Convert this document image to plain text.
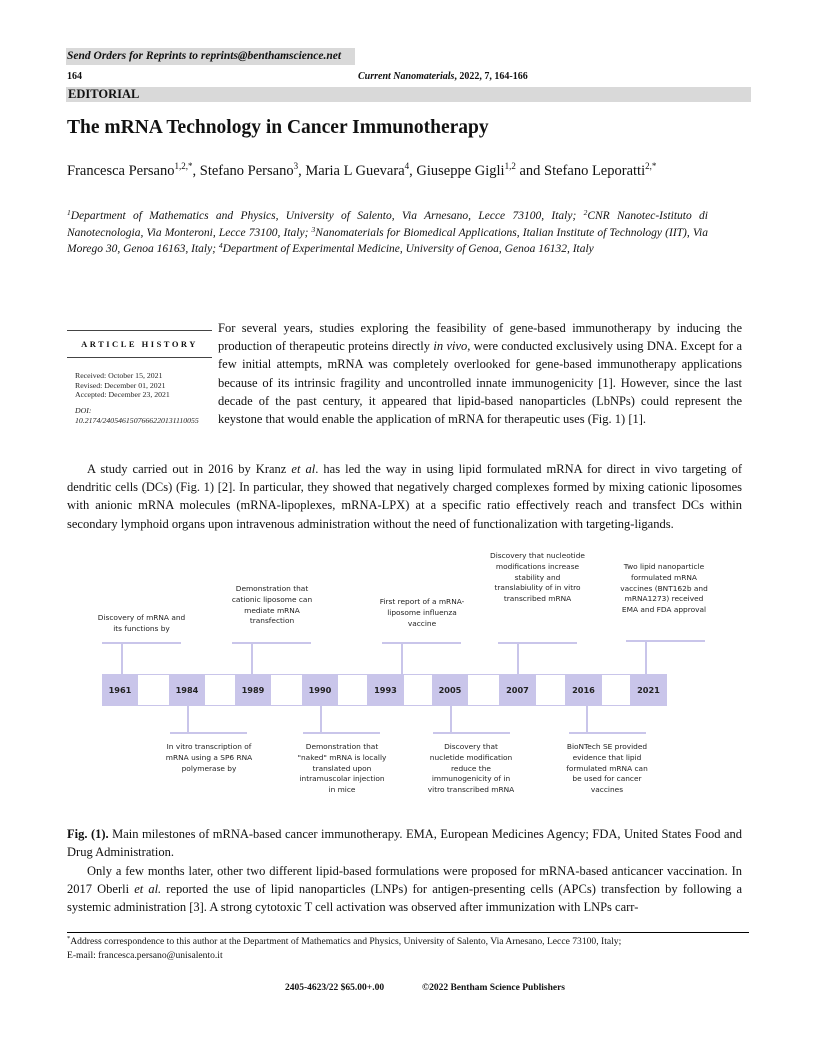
Send Orders for Reprints to reprints@benthamscience.net
164	Current Nanomaterials, 2022, 7, 164-166
EDITORIAL
The mRNA Technology in Cancer Immunotherapy
Francesca Persano$^{1,2,*}$, Stefano Persano$^3$, Maria L Guevara$^4$, Giuseppe Gigli$^{1,2}$ and Stefano Leporatti$^{2,*}$
$^1$Department of Mathematics and Physics, University of Salento, Via Arnesano, Lecce 73100, Italy; $^2$CNR Nanotec-Istituto di Nanotecnologia, Via Monteroni, Lecce 73100, Italy; $^3$Nanomaterials for Biomedical Applications, Italian Institute of Technology (IIT), Via Morego 30, Genoa 16163, Italy; $^4$Department of Experimental Medicine, University of Genoa, Genoa 16132, Italy
ARTICLE HISTORY
Received: October 15, 2021
Revised: December 01, 2021
Accepted: December 23, 2021
DOI:
10.2174/2405461507666220131110055
For several years, studies exploring the feasibility of gene-based immunotherapy by inducing the production of therapeutic proteins directly in vivo, were conducted exclusively using DNA. Except for a few initial attempts, mRNA was completely overlooked for gene-based immunotherapy applications because of its intrinsic fragility and uncontrolled innate immunogenicity [1]. However, since the last decade of the past century, it appeared that lipid-based nanoparticles (LbNPs) could represent the keystone that would enable the application of mRNA for therapeutic uses (Fig. 1) [1].
A study carried out in 2016 by Kranz et al. has led the way in using lipid formulated mRNA for direct in vivo targeting of dendritic cells (DCs) (Fig. 1) [2]. In particular, they showed that negatively charged complexes formed by mixing cationic liposomes with anionic mRNA molecules (mRNA-lipoplexes, mRNA-LPX) at a specific ratio effectively reach and transfect DCs within secondary lymphoid organs upon intravenous administration without the need of functionalization with targeting-ligands.
1961	1984	1989	1990	1993	2005	2007	2016	2021
Discovery of mRNA and its functions by
Demonstration that cationic liposome can mediate mRNA transfection
First report of a mRNA-liposome influenza vaccine
Discovery that nucleotide modifications increase stability and translabiulity of in vitro transcribed mRNA
Two lipid nanoparticle formulated mRNA vaccines (BNT162b and mRNA1273) received EMA and FDA approval
In vitro transcription of mRNA using a SP6 RNA polymerase by
Demonstration that "naked" mRNA is locally translated upon intramuscolar injection in mice
Discovery that nucletide modification reduce the immunogenicity of in vitro transcribed mRNA
BioNTech SE provided evidence that lipid formulated mRNA can be used for cancer vaccines
Fig. (1). Main milestones of mRNA-based cancer immunotherapy. EMA, European Medicines Agency; FDA, United States Food and Drug Administration.
Only a few months later, other two different lipid-based formulations were proposed for mRNA-based anticancer vaccination. In 2017 Oberli et al. reported the use of lipid nanoparticles (LNPs) for antigen-presenting cells (APCs) transfection by following a systemic administration [3]. A strong cytotoxic T cell activation was observed after immunization with LNPs carr-
*Address correspondence to this author at the Department of Mathematics and Physics, University of Salento, Via Arnesano, Lecce 73100, Italy;
E-mail: francesca.persano@unisalento.it
2405-4623/22 $65.00+.00	©2022 Bentham Science Publishers
